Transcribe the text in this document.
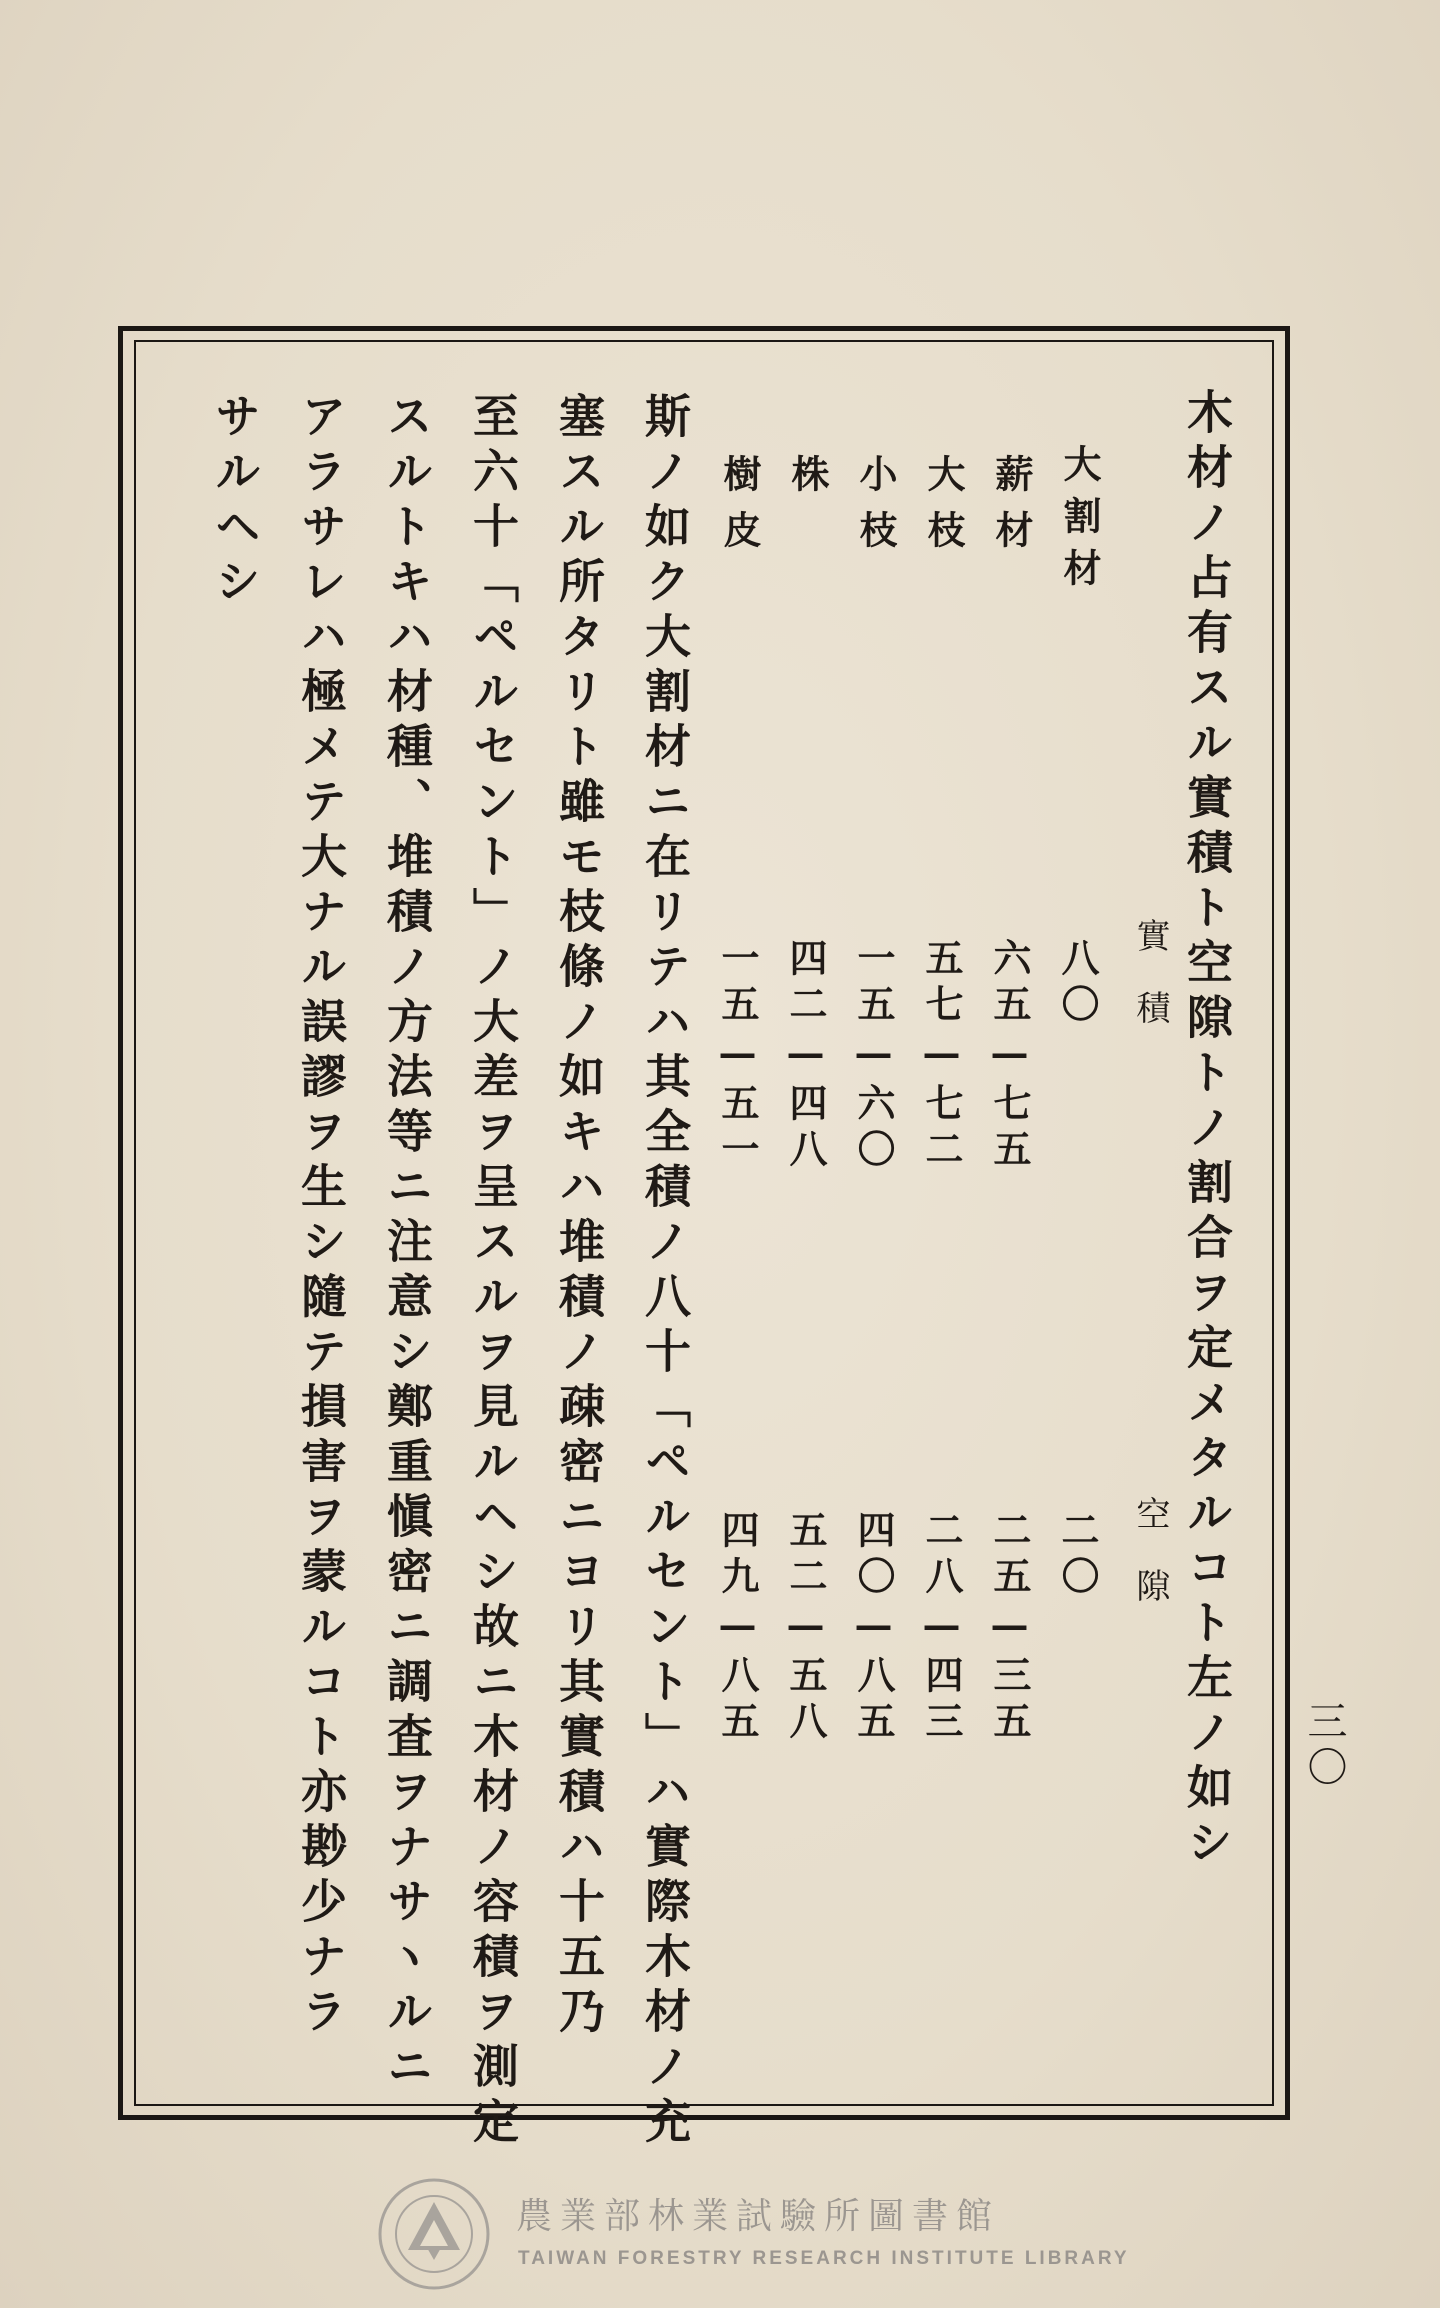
木材ノ占有スル實積ト空隙トノ割合ヲ定メタルコト左ノ如シ
實積
空隙
大割材
八〇
二〇
薪材
六五—七五
二五—三五
大枝
五七—七二
二八—四三
小枝
一五—六〇
四〇—八五
株
四二—四八
五二—五八
樹皮
一五—五一
四九—八五
斯ノ如ク大割材ニ在リテハ其全積ノ八十「ペルセント」ハ實際木材ノ充
塞スル所タリト雖モ枝條ノ如キハ堆積ノ疎密ニヨリ其實積ハ十五乃
至六十「ペルセント」ノ大差ヲ呈スルヲ見ルヘシ故ニ木材ノ容積ヲ測定
スルトキハ材種、堆積ノ方法等ニ注意シ鄭重愼密ニ調査ヲナサヽルニ
アラサレハ極メテ大ナル誤謬ヲ生シ隨テ損害ヲ蒙ルコト亦尠少ナラ
サルヘシ
三〇
農業部林業試驗所圖書館
TAIWAN FORESTRY RESEARCH INSTITUTE LIBRARY
